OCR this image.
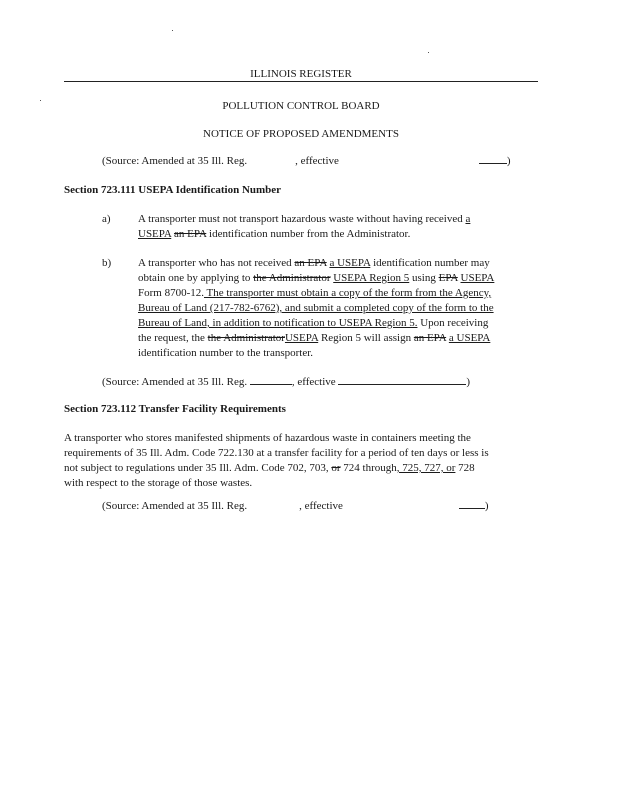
ILLINOIS REGISTER
POLLUTION CONTROL BOARD
NOTICE OF PROPOSED AMENDMENTS
(Source: Amended at 35 Ill. Reg.	, effective	)
Section 723.111 USEPA Identification Number
a) A transporter must not transport hazardous waste without having received a
USEPA an EPA identification number from the Administrator.
b) A transporter who has not received an EPA a USEPA identification number may
obtain one by applying to the Administrator USEPA Region 5 using EPA USEPA
Form 8700-12. The transporter must obtain a copy of the form from the Agency,
Bureau of Land (217-782-6762), and submit a completed copy of the form to the
Bureau of Land, in addition to notification to USEPA Region 5. Upon receiving
the request, the the AdministratorUSEPA Region 5 will assign an EPA a USEPA
identification number to the transporter.
(Source: Amended at 35 Ill. Reg.	, effective	)
Section 723.112 Transfer Facility Requirements
A transporter who stores manifested shipments of hazardous waste in containers meeting the
requirements of 35 Ill. Adm. Code 722.130 at a transfer facility for a period of ten days or less is
not subject to regulations under 35 Ill. Adm. Code 702, 703, or 724 through, 725, 727, or 728
with respect to the storage of those wastes.
(Source: Amended at 35 Ill. Reg.	, effective	)
